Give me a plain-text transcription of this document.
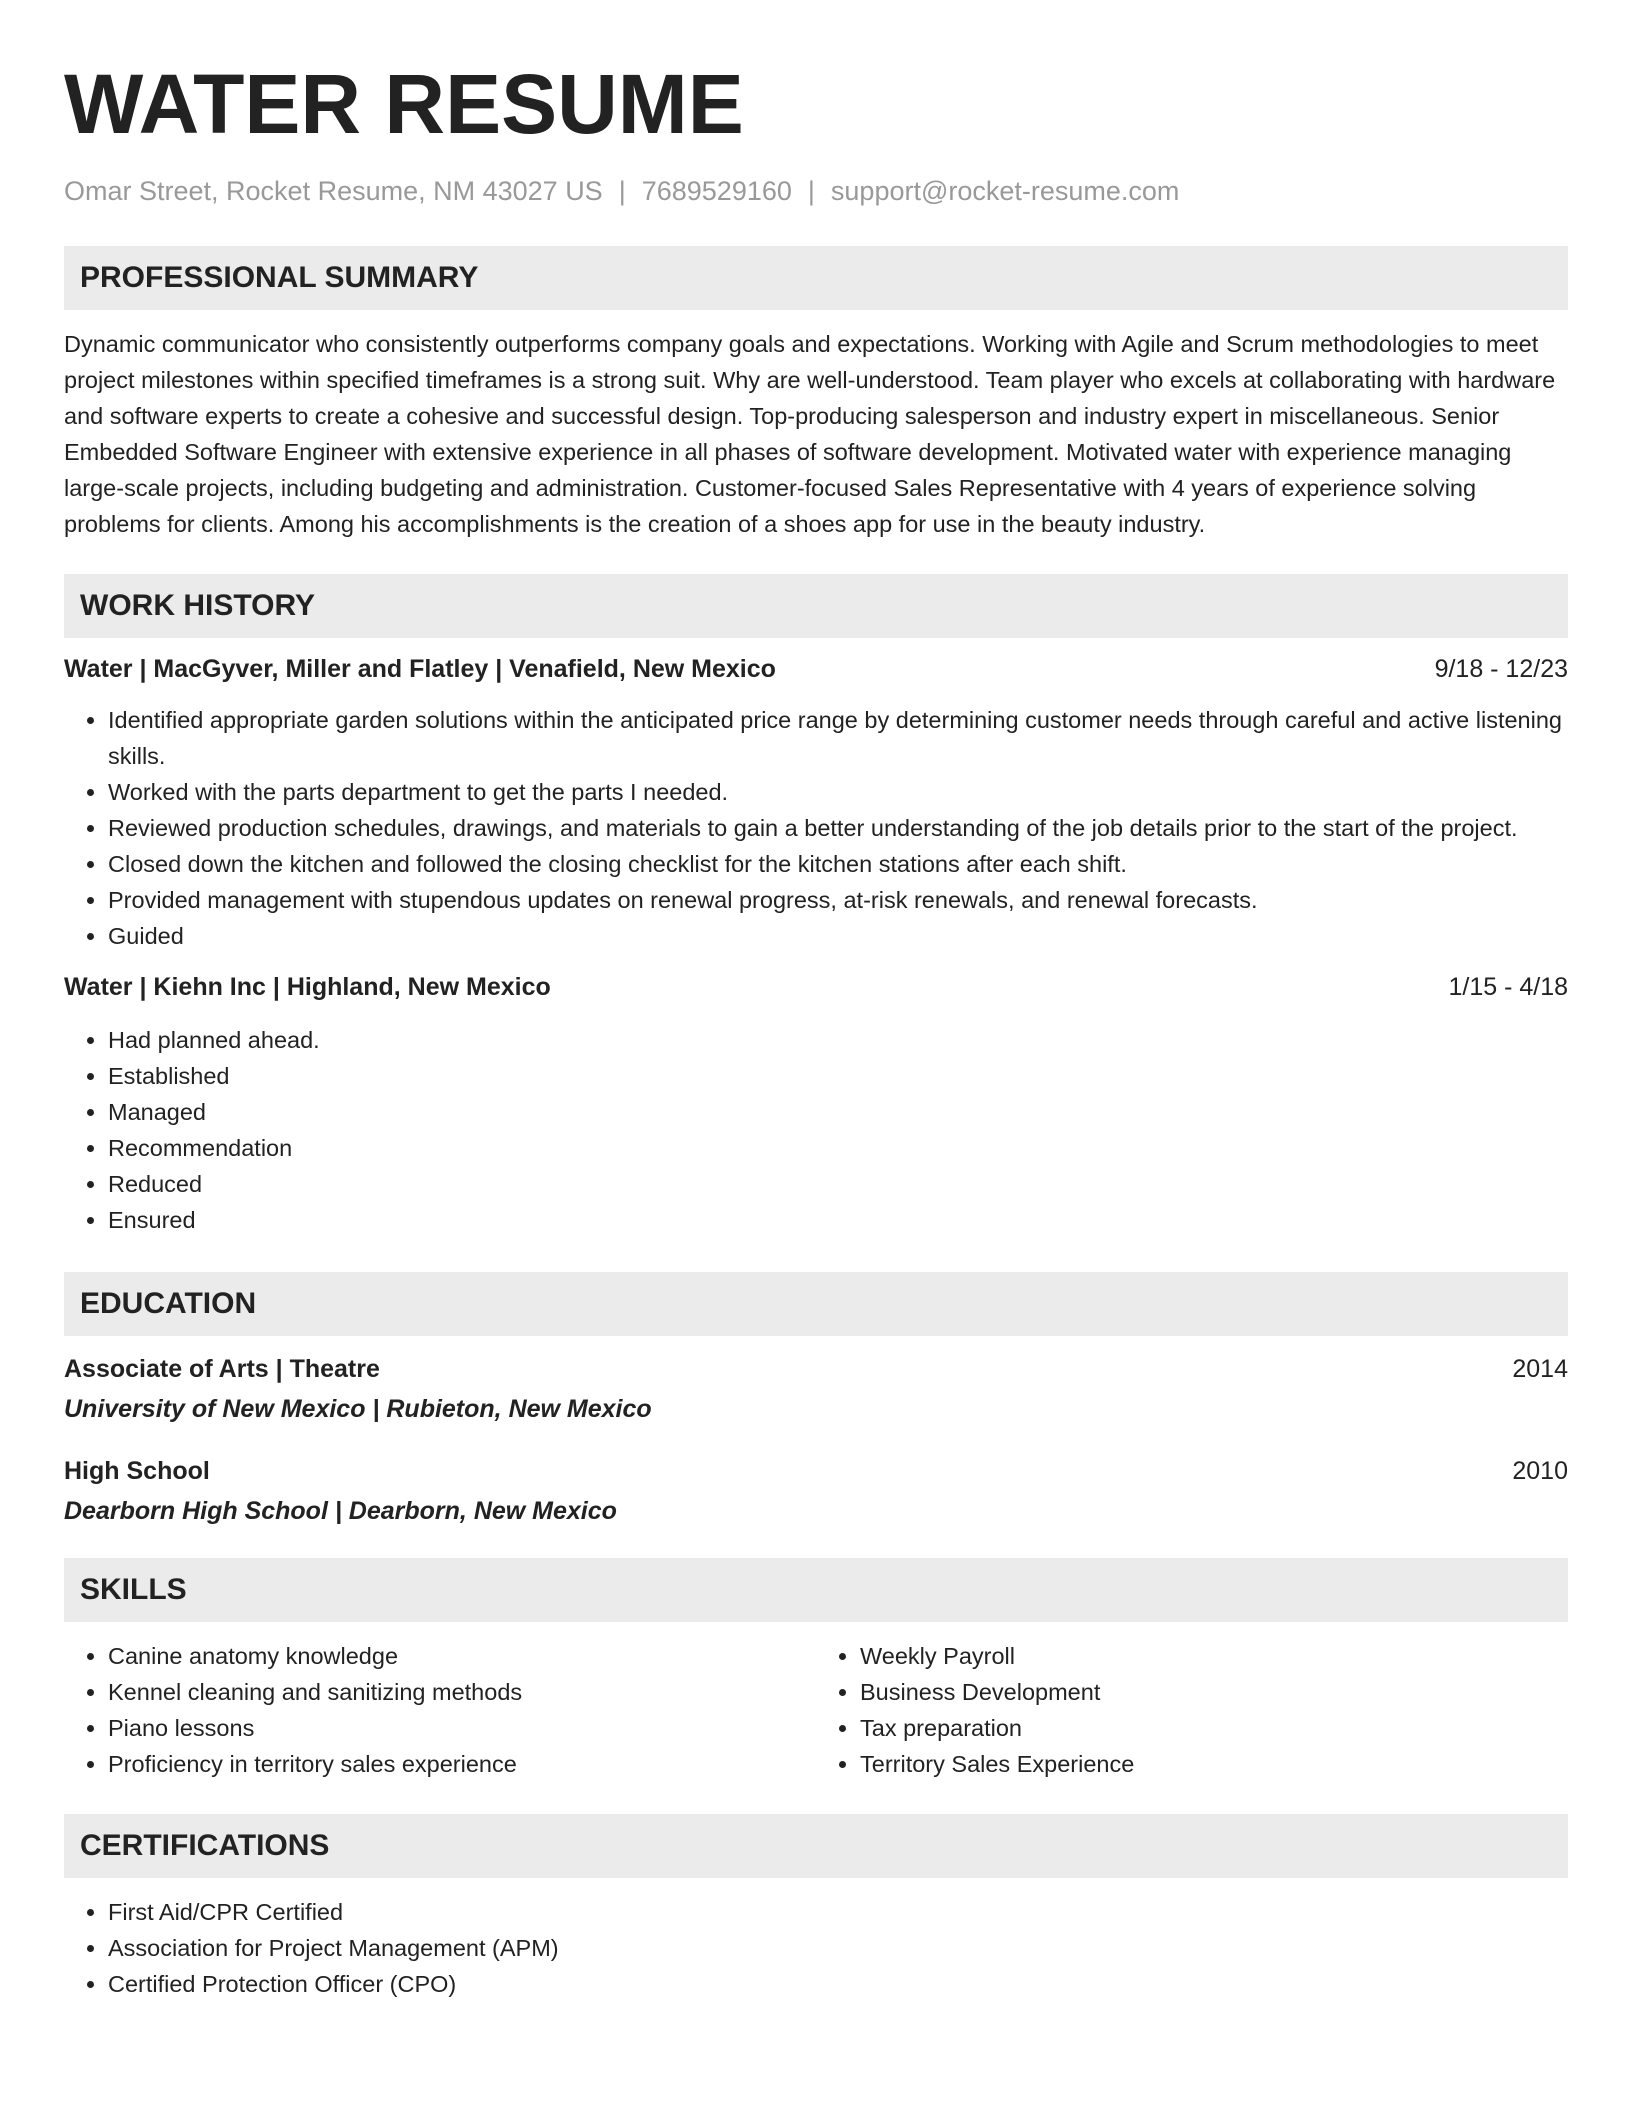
WATER RESUME
Omar Street, Rocket Resume, NM 43027 US | 7689529160 | support@rocket-resume.com
PROFESSIONAL SUMMARY

Dynamic communicator who consistently outperforms company goals and expectations. Working with Agile and Scrum methodologies to meet project milestones within specified timeframes is a strong suit. Why are well-understood. Team player who excels at collaborating with hardware and software experts to create a cohesive and successful design. Top-producing salesperson and industry expert in miscellaneous. Senior Embedded Software Engineer with extensive experience in all phases of software development. Motivated water with experience managing large-scale projects, including budgeting and administration. Customer-focused Sales Representative with 4 years of experience solving problems for clients. Among his accomplishments is the creation of a shoes app for use in the beauty industry.

WORK HISTORY
Water | MacGyver, Miller and Flatley | Venafield, New Mexico	9/18 - 12/23
• Identified appropriate garden solutions within the anticipated price range by determining customer needs through careful and active listening skills.
• Worked with the parts department to get the parts I needed.
• Reviewed production schedules, drawings, and materials to gain a better understanding of the job details prior to the start of the project.
• Closed down the kitchen and followed the closing checklist for the kitchen stations after each shift.
• Provided management with stupendous updates on renewal progress, at-risk renewals, and renewal forecasts.
• Guided
Water | Kiehn Inc | Highland, New Mexico	1/15 - 4/18
• Had planned ahead.
• Established
• Managed
• Recommendation
• Reduced
• Ensured
EDUCATION
Associate of Arts | Theatre	2014
University of New Mexico | Rubieton, New Mexico
High School	2010
Dearborn High School | Dearborn, New Mexico
SKILLS
• Canine anatomy knowledge
• Kennel cleaning and sanitizing methods
• Piano lessons
• Proficiency in territory sales experience
• Weekly Payroll
• Business Development
• Tax preparation
• Territory Sales Experience
CERTIFICATIONS
• First Aid/CPR Certified
• Association for Project Management (APM)
• Certified Protection Officer (CPO)
